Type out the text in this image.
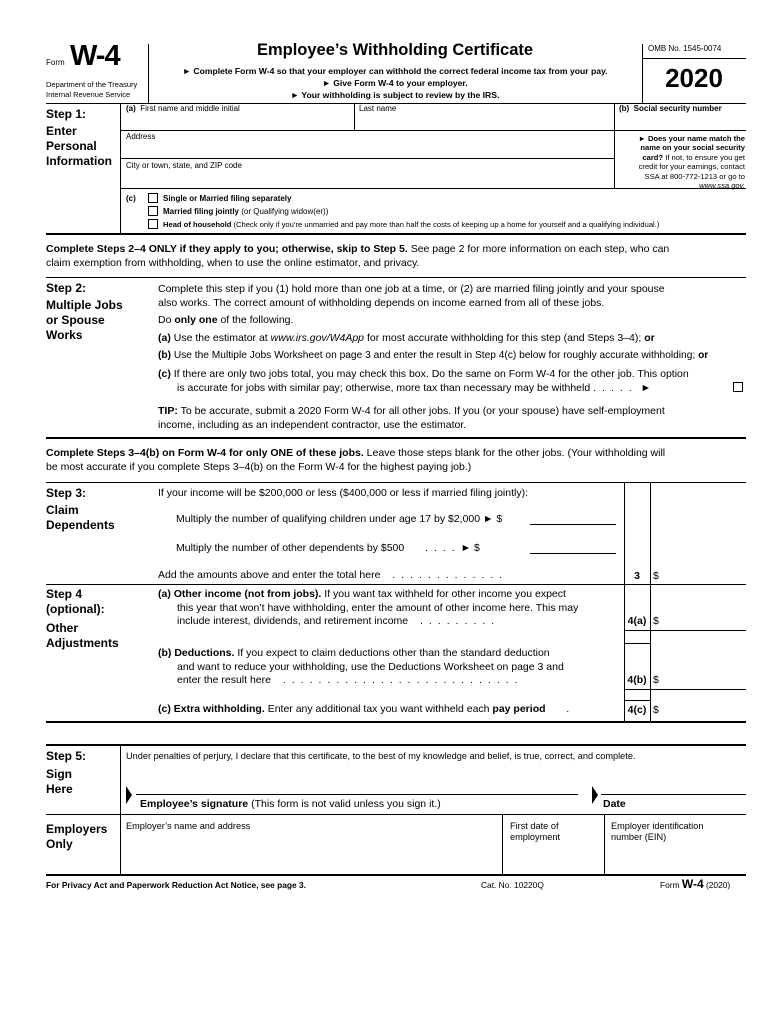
Form W-4
Department of the Treasury
Internal Revenue Service
Employee’s Withholding Certificate
► Complete Form W-4 so that your employer can withhold the correct federal income tax from your pay.
► Give Form W-4 to your employer.
► Your withholding is subject to review by the IRS.
OMB No. 1545-0074
2020
Step 1:
Enter
Personal
Information
(a) First name and middle initial	Last name	(b) Social security number
Address
City or town, state, and ZIP code
► Does your name match the
name on your social security
card? If not, to ensure you get
credit for your earnings, contact
SSA at 800-772-1213 or go to
www.ssa.gov.
(c)	Single or Married filing separately
Married filing jointly (or Qualifying widow(er))
Head of household (Check only if you’re unmarried and pay more than half the costs of keeping up a home for yourself and a qualifying individual.)
Complete Steps 2–4 ONLY if they apply to you; otherwise, skip to Step 5. See page 2 for more information on each step, who can
claim exemption from withholding, when to use the online estimator, and privacy.
Step 2:
Multiple Jobs
or Spouse
Works
Complete this step if you (1) hold more than one job at a time, or (2) are married filing jointly and your spouse
also works. The correct amount of withholding depends on income earned from all of these jobs.
Do only one of the following.
(a) Use the estimator at www.irs.gov/W4App for most accurate withholding for this step (and Steps 3–4); or
(b) Use the Multiple Jobs Worksheet on page 3 and enter the result in Step 4(c) below for roughly accurate withholding; or
(c) If there are only two jobs total, you may check this box. Do the same on Form W-4 for the other job. This option
is accurate for jobs with similar pay; otherwise, more tax than necessary may be withheld ..... ►
TIP: To be accurate, submit a 2020 Form W-4 for all other jobs. If you (or your spouse) have self-employment
income, including as an independent contractor, use the estimator.
Complete Steps 3–4(b) on Form W-4 for only ONE of these jobs. Leave those steps blank for the other jobs. (Your withholding will
be most accurate if you complete Steps 3–4(b) on the Form W-4 for the highest paying job.)
Step 3:
Claim
Dependents
If your income will be $200,000 or less ($400,000 or less if married filing jointly):
Multiply the number of qualifying children under age 17 by $2,000 ► $
Multiply the number of other dependents by $500   ....► $
Add the amounts above and enter the total here  .............	3	$
Step 4
(optional):
Other
Adjustments
(a) Other income (not from jobs). If you want tax withheld for other income you expect
this year that won’t have withholding, enter the amount of other income here. This may
include interest, dividends, and retirement income  .........	4(a) $
(b) Deductions. If you expect to claim deductions other than the standard deduction
and want to reduce your withholding, use the Deductions Worksheet on page 3 and
enter the result here  ...........................	4(b) $
(c) Extra withholding. Enter any additional tax you want withheld each pay period   .	4(c) $
Step 5:
Sign
Here
Under penalties of perjury, I declare that this certificate, to the best of my knowledge and belief, is true, correct, and complete.
Employee’s signature (This form is not valid unless you sign it.)	Date
Employers
Only
Employer’s name and address	First date of
employment
Employer identification
number (EIN)
For Privacy Act and Paperwork Reduction Act Notice, see page 3.	Cat. No. 10220Q	Form W-4 (2020)
